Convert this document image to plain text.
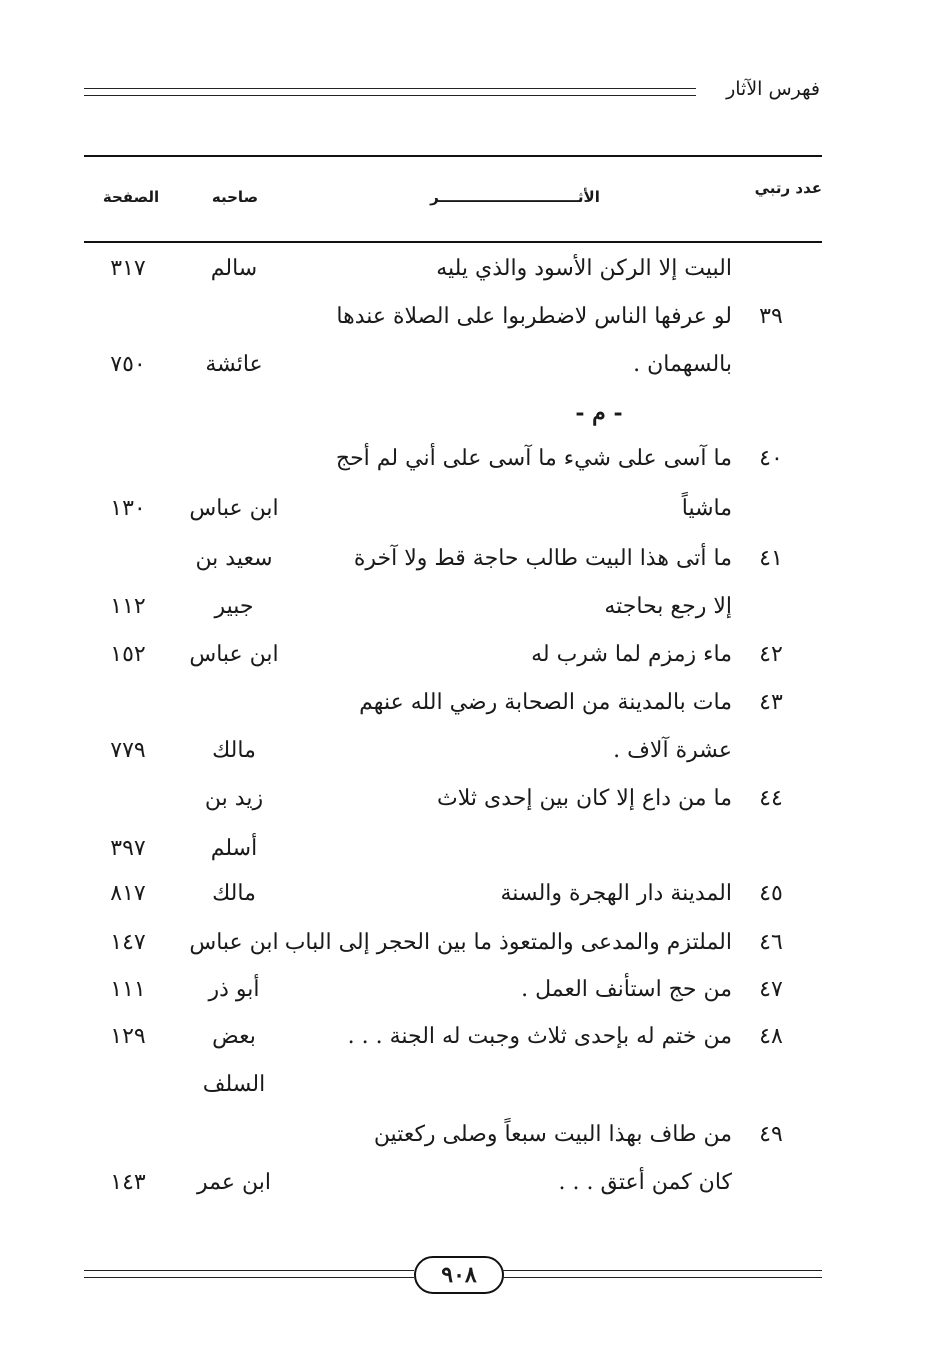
فهرس الآثار
عدد رتبي
الأثـــــــــــــــــــــــــــر
صاحبه
الصفحة
البيت إلا الركن الأسود والذي يليه
سالم
٣١٧
٣٩
لو عرفها الناس لاضطربوا على الصلاة عندها
بالسهمان .
عائشة
٧٥٠
- م -
٤٠
ما آسى على شيء ما آسى على أني لم أحج
ماشياً
ابن عباس
١٣٠
٤١
ما أتى هذا البيت طالب حاجة قط ولا آخرة
سعيد بن
إلا رجع بحاجته
جبير
١١٢
٤٢
ماء زمزم لما شرب له
ابن عباس
١٥٢
٤٣
مات بالمدينة من الصحابة رضي الله عنهم
عشرة آلاف .
مالك
٧٧٩
٤٤
ما من داع إلا كان بين إحدى ثلاث
زيد بن
أسلم
٣٩٧
٤٥
المدينة دار الهجرة والسنة
مالك
٨١٧
٤٦
الملتزم والمدعى والمتعوذ ما بين الحجر إلى الباب
ابن عباس
١٤٧
٤٧
من حج استأنف العمل .
أبو ذر
١١١
٤٨
من ختم له بإحدى ثلاث وجبت له الجنة . . .
بعض
١٢٩
السلف
٤٩
من طاف بهذا البيت سبعاً وصلى ركعتين
كان كمن أعتق . . .
ابن عمر
١٤٣
٩٠٨
